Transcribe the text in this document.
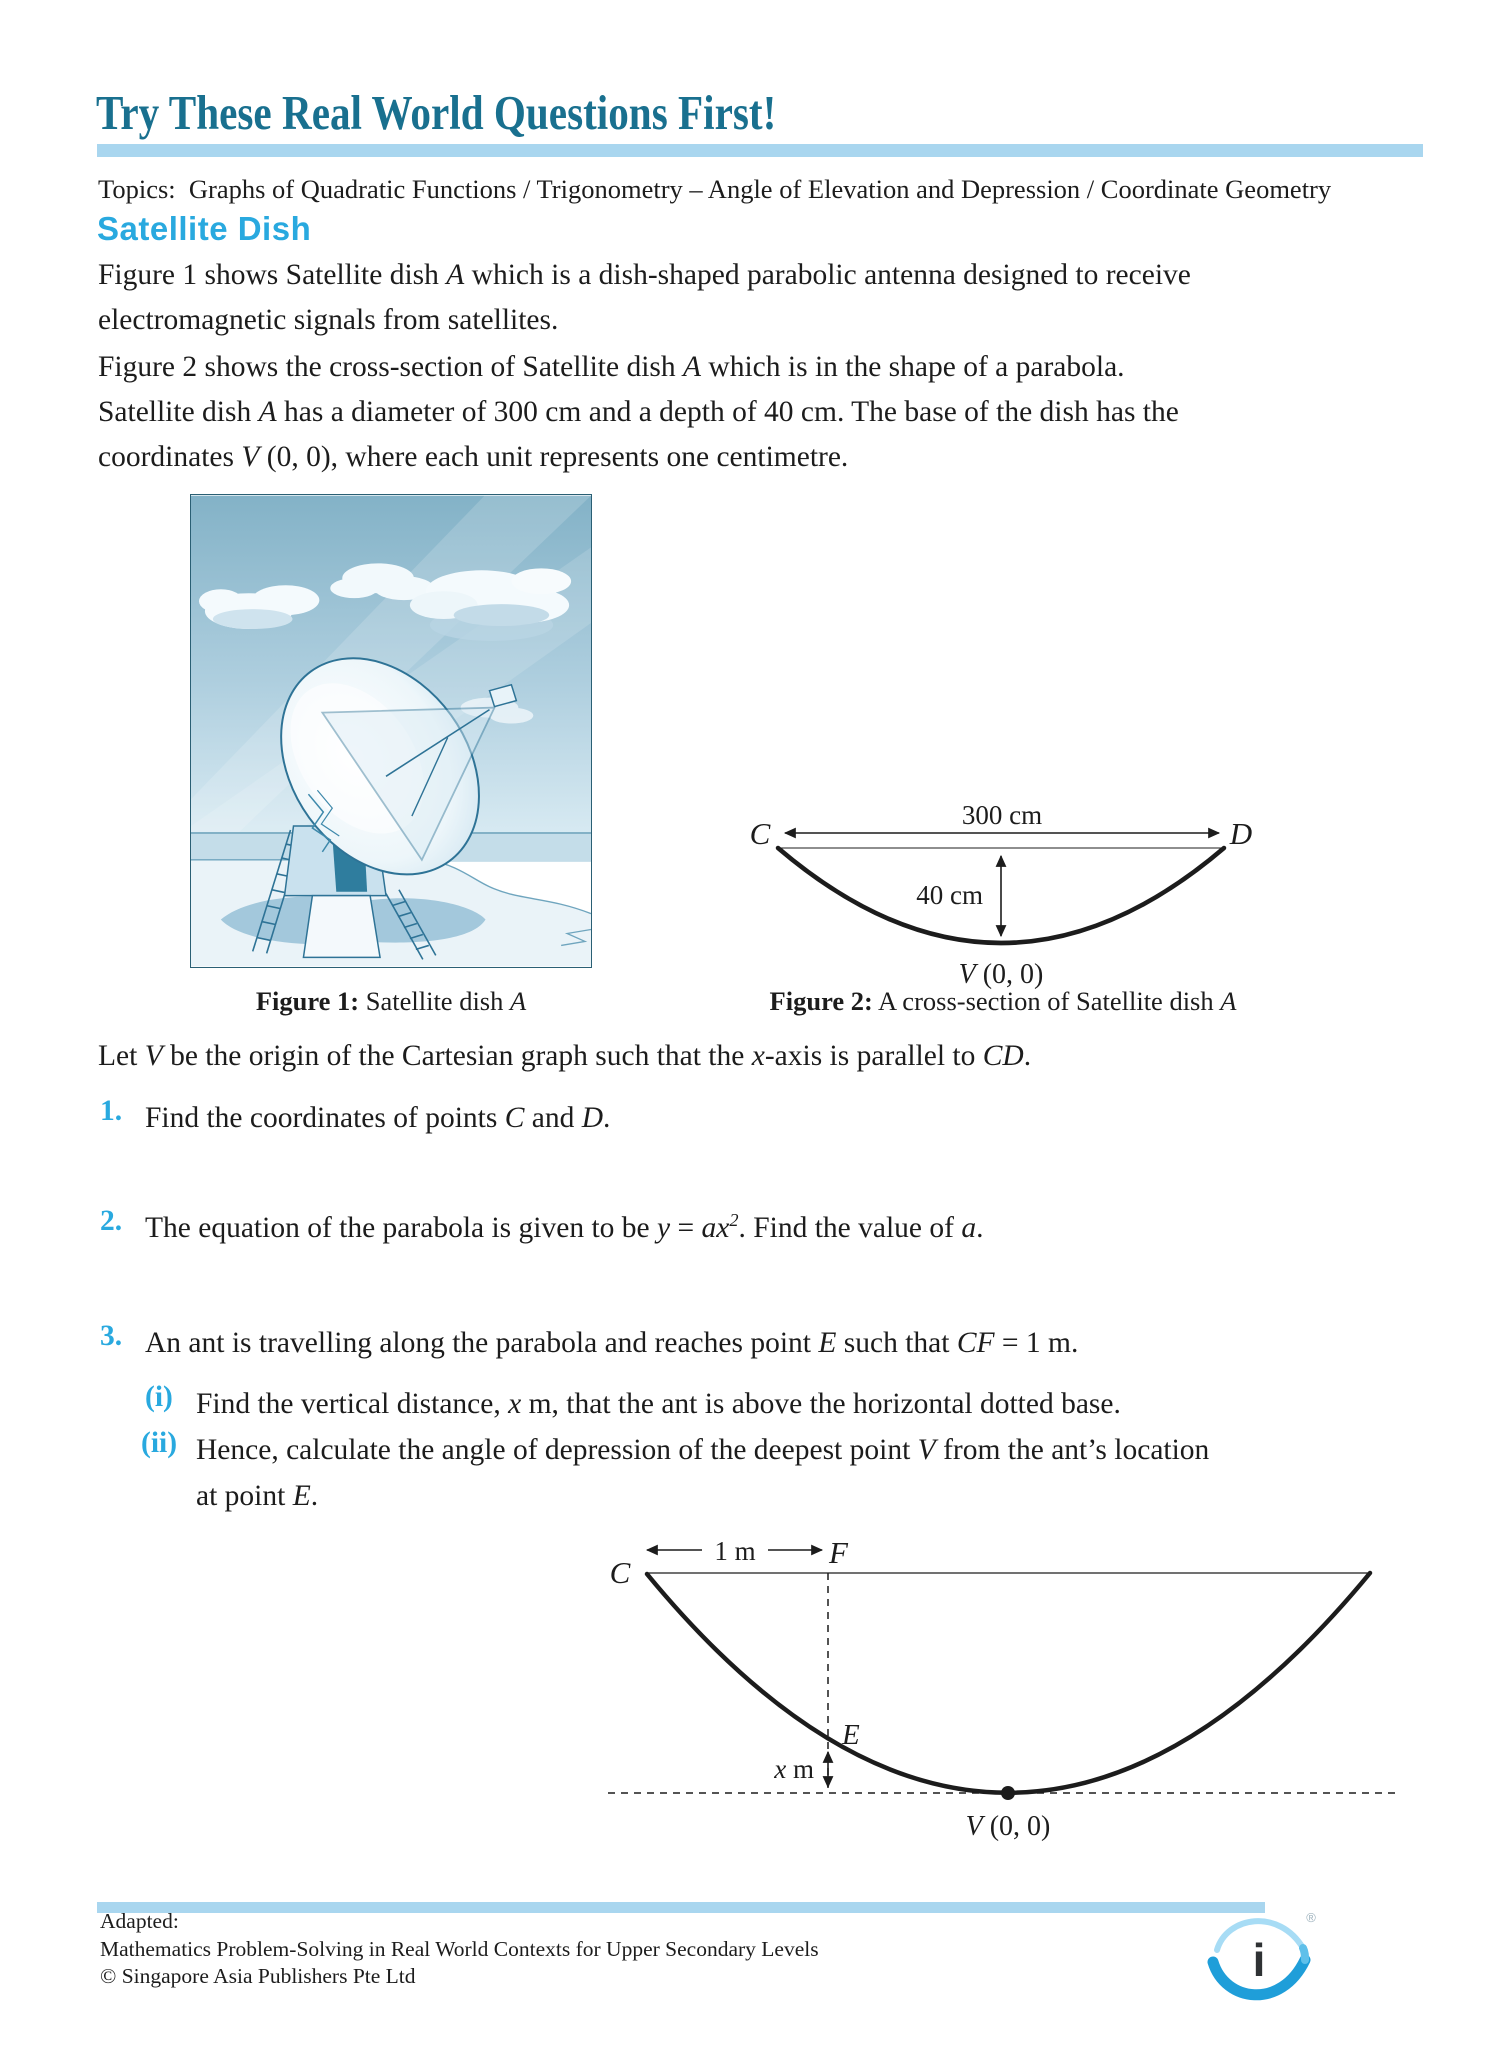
Try These Real World Questions First!
Topics:  Graphs of Quadratic Functions / Trigonometry – Angle of Elevation and Depression / Coordinate Geometry
Satellite Dish
Figure 1 shows Satellite dish A which is a dish-shaped parabolic antenna designed to receive
electromagnetic signals from satellites.
Figure 2 shows the cross-section of Satellite dish A which is in the shape of a parabola.
Satellite dish A has a diameter of 300 cm and a depth of 40 cm. The base of the dish has the
coordinates V (0, 0), where each unit represents one centimetre.
C	D
300 cm
40 cm
V (0, 0)
Figure 1: Satellite dish A	Figure 2: A cross-section of Satellite dish A
Let V be the origin of the Cartesian graph such that the x-axis is parallel to CD.
1. Find the coordinates of points C and D.
2. The equation of the parabola is given to be $y = ax^2$. Find the value of a.
3. An ant is travelling along the parabola and reaches point E such that CF = 1 m.
(i) Find the vertical distance, x m, that the ant is above the horizontal dotted base.
(ii) Hence, calculate the angle of depression of the deepest point V from the ant’s location
at point E.
C
1 m F
E
x m
V (0, 0)
Adapted:
Mathematics Problem-Solving in Real World Contexts for Upper Secondary Levels
© Singapore Asia Publishers Pte Ltd	i
®
